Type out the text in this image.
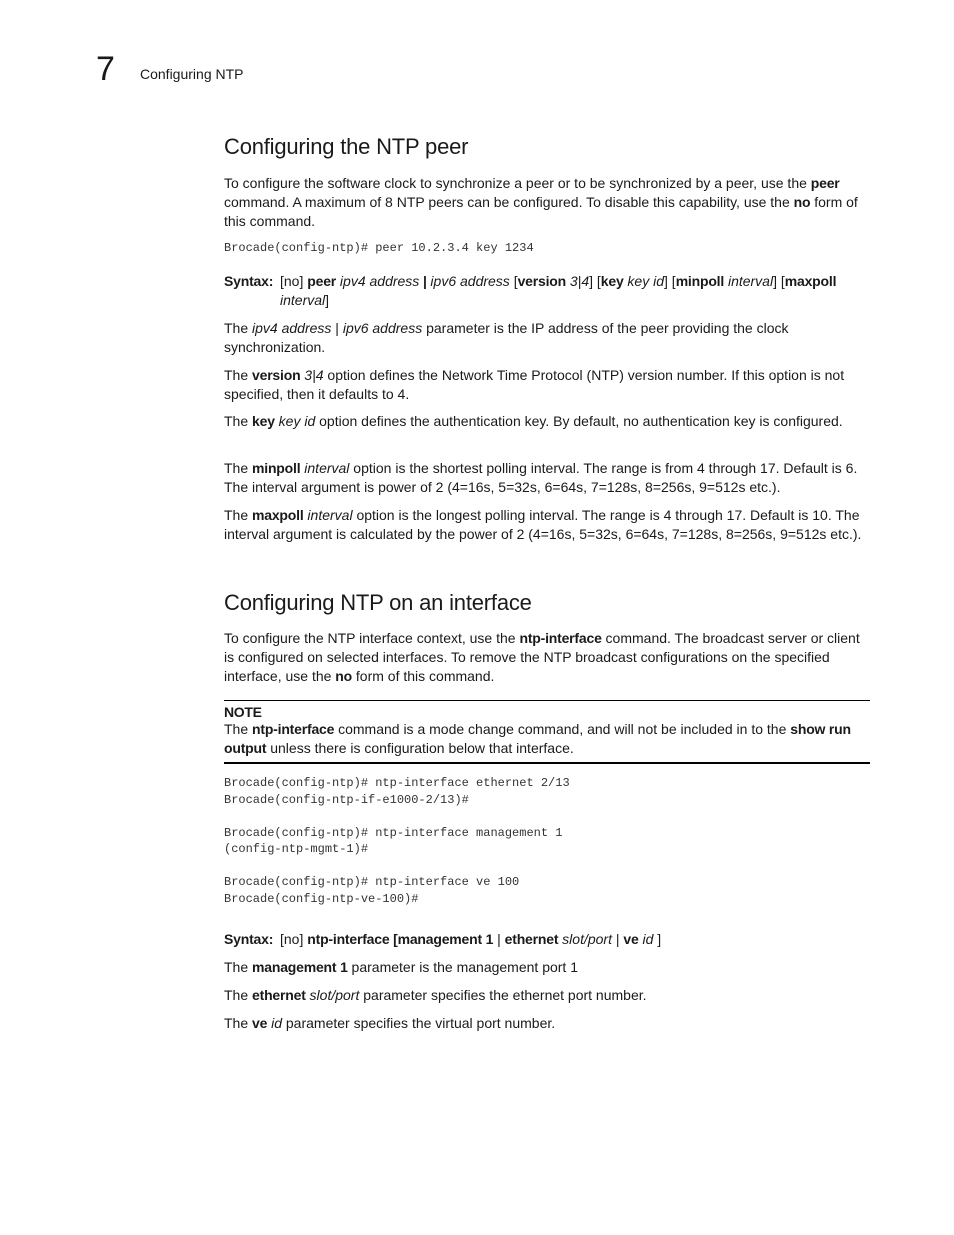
7 Configuring NTP
Configuring the NTP peer

To configure the software clock to synchronize a peer or to be synchronized by a peer, use the peer command. A maximum of 8 NTP peers can be configured. To disable this capability, use the no form of this command.

Brocade(config-ntp)# peer 10.2.3.4 key 1234
Syntax: [no] peer ipv4 address | ipv6 address [version 3|4] [key key id] [minpoll interval] [maxpoll interval]

The ipv4 address | ipv6 address parameter is the IP address of the peer providing the clock synchronization.

The version 3|4 option defines the Network Time Protocol (NTP) version number. If this option is not specified, then it defaults to 4.

The key key id option defines the authentication key. By default, no authentication key is configured.

The minpoll interval option is the shortest polling interval. The range is from 4 through 17. Default is 6. The interval argument is power of 2 (4=16s, 5=32s, 6=64s, 7=128s, 8=256s, 9=512s etc.).

The maxpoll interval option is the longest polling interval. The range is 4 through 17. Default is 10. The interval argument is calculated by the power of 2 (4=16s, 5=32s, 6=64s, 7=128s, 8=256s, 9=512s etc.).

Configuring NTP on an interface

To configure the NTP interface context, use the ntp-interface command. The broadcast server or client is configured on selected interfaces. To remove the NTP broadcast configurations on the specified interface, use the no form of this command.

NOTE
The ntp-interface command is a mode change command, and will not be included in to the show run output unless there is configuration below that interface.
Brocade(config-ntp)# ntp-interface ethernet 2/13
Brocade(config-ntp-if-e1000-2/13)#

Brocade(config-ntp)# ntp-interface management 1
(config-ntp-mgmt-1)#

Brocade(config-ntp)# ntp-interface ve 100
Brocade(config-ntp-ve-100)#
Syntax: [no] ntp-interface [management 1 | ethernet slot/port | ve id ]

The management 1 parameter is the management port 1

The ethernet slot/port parameter specifies the ethernet port number.

The ve id parameter specifies the virtual port number.
